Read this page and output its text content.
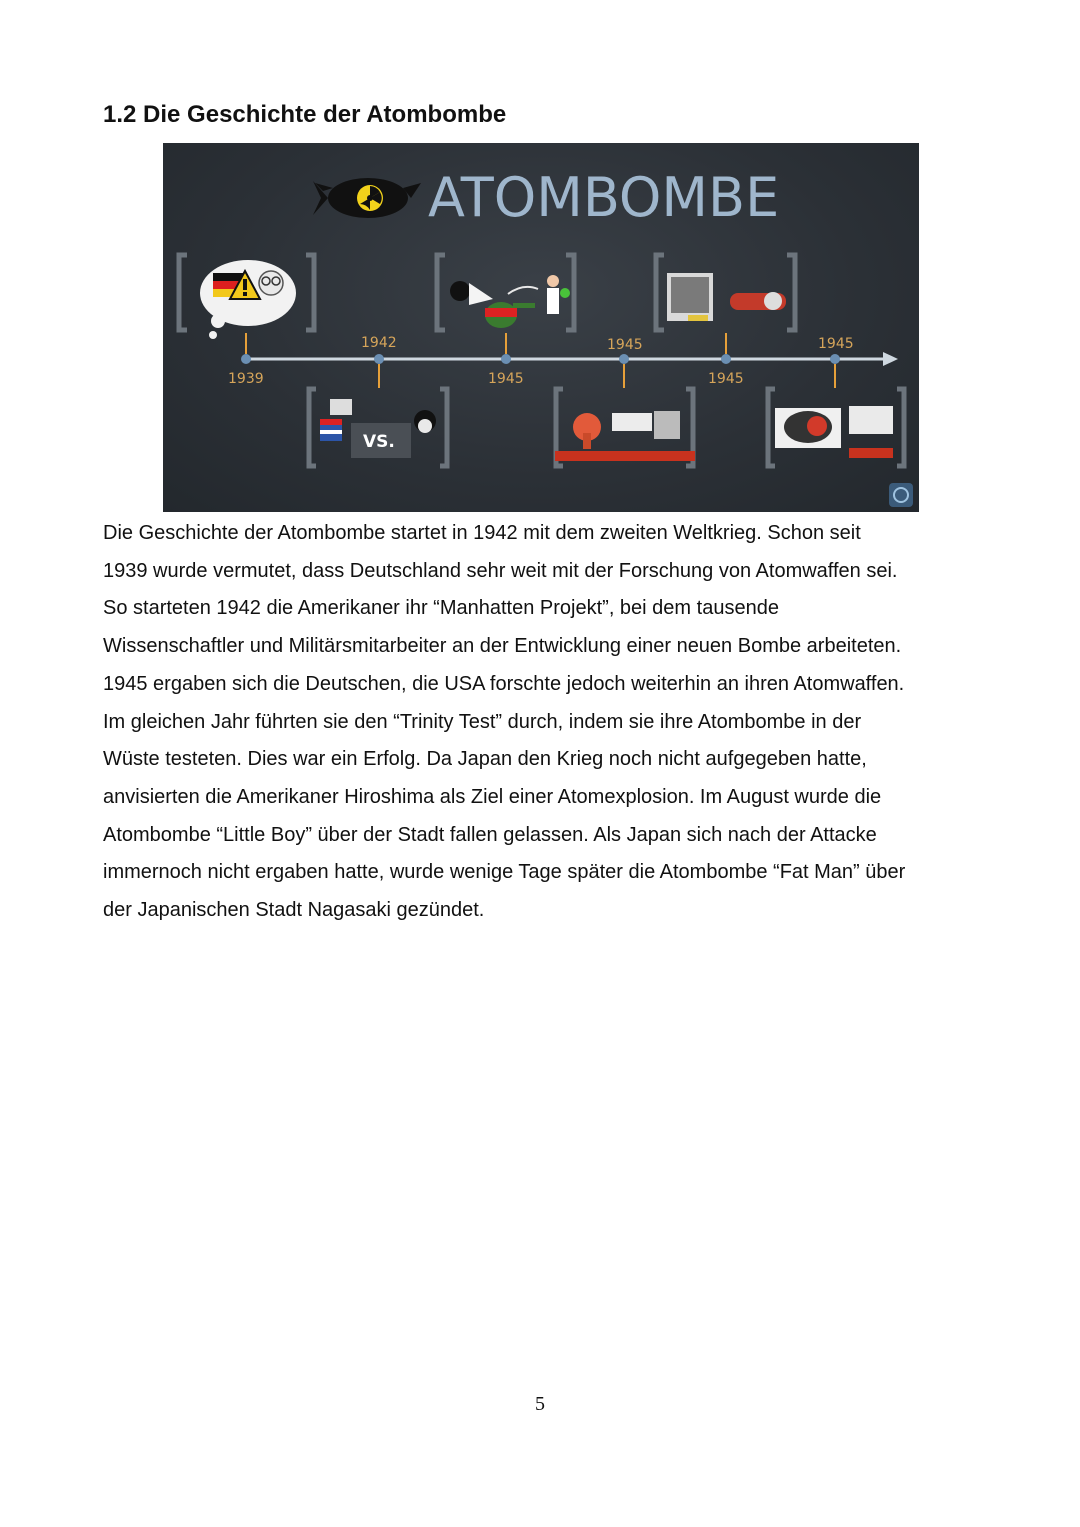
1.2 Die Geschichte der Atombombe
ATOMBOMBE
1939
1942
1945
1945
1945
1945
VS.

Die Geschichte der Atombombe startet in 1942 mit dem zweiten Weltkrieg. Schon seit
1939 wurde vermutet, dass Deutschland sehr weit mit der Forschung von Atomwaffen sei.
So starteten 1942 die Amerikaner ihr “Manhatten Projekt”, bei dem tausende
Wissenschaftler und Militärsmitarbeiter an der Entwicklung einer neuen Bombe arbeiteten.
1945 ergaben sich die Deutschen, die USA forschte jedoch weiterhin an ihren Atomwaffen.
Im gleichen Jahr führten sie den “Trinity Test” durch, indem sie ihre Atombombe in der
Wüste testeten. Dies war ein Erfolg. Da Japan den Krieg noch nicht aufgegeben hatte,
anvisierten die Amerikaner Hiroshima als Ziel einer Atomexplosion. Im August wurde die
Atombombe “Little Boy” über der Stadt fallen gelassen. Als Japan sich nach der Attacke
immernoch nicht ergaben hatte, wurde wenige Tage später die Atombombe “Fat Man” über
der Japanischen Stadt Nagasaki gezündet.

5
